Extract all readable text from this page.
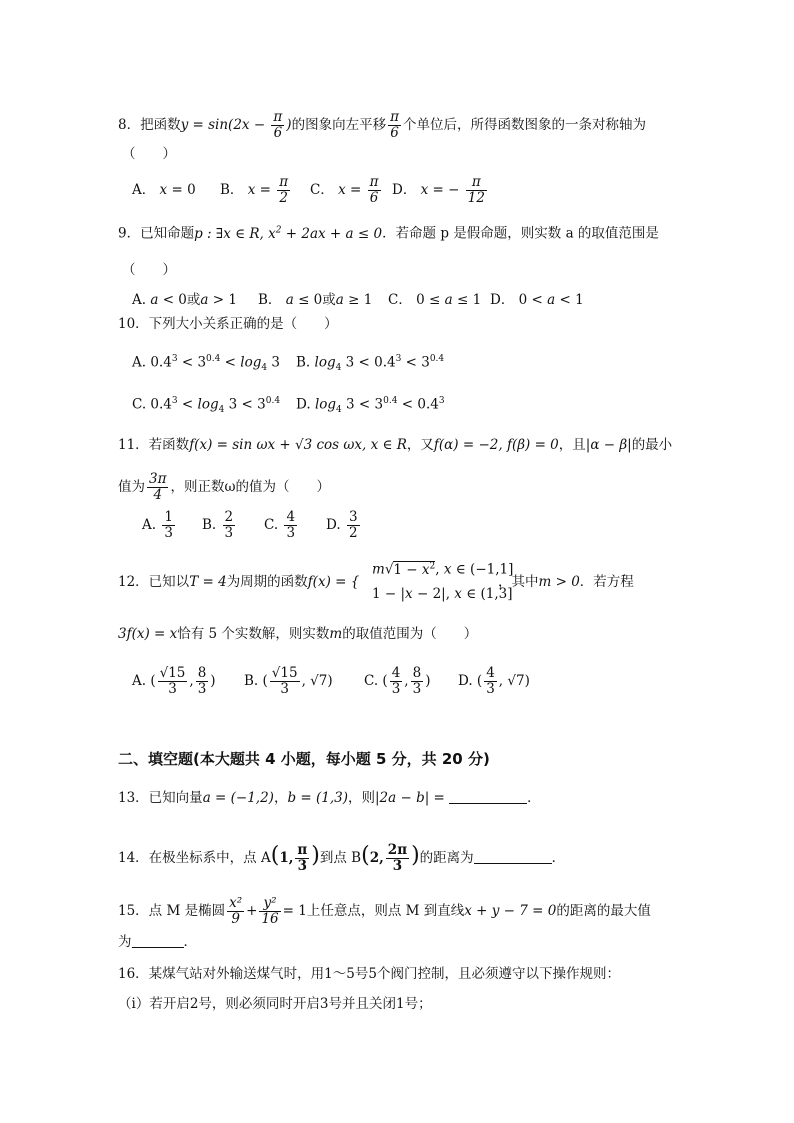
8．把函数$y = \sin(2x - \frac{\pi}{6}$ )的图象向左平移 $\frac{\pi}{6}$ 个单位后，所得函数图象的一条对称轴为
（　　）
A． x = 0 B． $x = \frac{\pi}{2}$ C． $x = \frac{\pi}{6}$ D． x = − $\frac{\pi}{12}$
9．已知命题p : ∃x ∈ R, $x^2 + 2ax + a \le 0$．若命题 p 是假命题，则实数 a 的取值范围是
（　　）
A. a < 0或a > 1 B． a ≤ 0或a ≥ 1 C． 0 ≤ a ≤ 1 D． 0 < a < 1
10．下列大小关系正确的是（　　）
A. $0.4^3 < 3^{0.4} < \log_4 3$ B. $\log_4 3 < 0.4^3 < 3^{0.4}$
C. $0.4^3 < \log_4 3 < 3^{0.4}$ D. $\log_4 3 < 3^{0.4} < 0.4^3$
11．若函数f(x) = sin ωx + √3 cos ωx, x ∈ R，又f(α) = −2, f(β) = 0，且|α − β|的最小
值为 $\frac{3\pi}{4}$ ，则正数ω的值为（　　）
A. $\frac{1}{3} B$. $\frac{2}{3} C$. $\frac{4}{3} D$. $\frac{3}{2}$
12．已知以T = 4为周期的函数f(x) = {
$m√1 - x^2$, x ∈ (−1,1]
1 − |x − 2|, x ∈ (1,3]
，其中m > 0．若方程
3f(x) = x恰有 5 个实数解，则实数m的取值范围为（　　）
A. ( $\frac{√15}{3}$ , $\frac{8}{3}$ ) B. ( $\frac{√15}{3}$ , √7) C. ( $\frac{4}{3}$ , $\frac{8}{3}$ ) D. ( $\frac{4}{3}$ , √7)
二、填空题(本大题共 4 小题，每小题 5 分，共 20 分)
13．已知向量a = (−1,2)，b = (1,3)，则|2a − b| =	．
14．在极坐标系中，点 A(1, $\frac{\pi}{3}$ )到点 B(2, $\frac{2\pi}{3}$ )的距离为	．
15．点 M 是椭圆 $\frac{\text{x²}}{9} + \frac{\text{y²}}{16} = 1$上任意点，则点 M 到直线x + y − 7 = 0的距离的最大值
为	．
16．某煤气站对外输送煤气时，用1～5号5个阀门控制，且必须遵守以下操作规则：
（i）若开启2号，则必须同时开启3号并且关闭1号；
